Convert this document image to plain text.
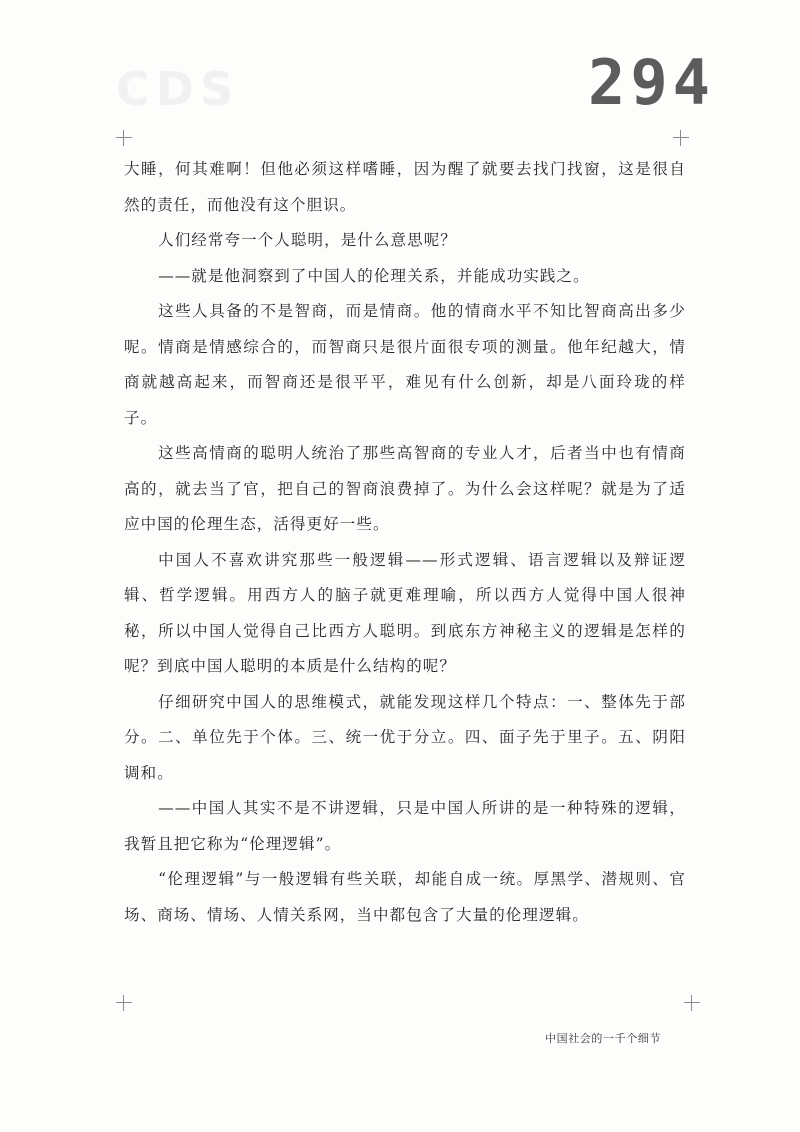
CDS	294

大睡，何其难啊！但他必须这样嗜睡，因为醒了就要去找门找窗，这是很自然的责任，而他没有这个胆识。

人们经常夸一个人聪明，是什么意思呢？

——就是他洞察到了中国人的伦理关系，并能成功实践之。

这些人具备的不是智商，而是情商。他的情商水平不知比智商高出多少呢。情商是情感综合的，而智商只是很片面很专项的测量。他年纪越大，情商就越高起来，而智商还是很平平，难见有什么创新，却是八面玲珑的样子。

这些高情商的聪明人统治了那些高智商的专业人才，后者当中也有情商高的，就去当了官，把自己的智商浪费掉了。为什么会这样呢？就是为了适应中国的伦理生态，活得更好一些。

中国人不喜欢讲究那些一般逻辑——形式逻辑、语言逻辑以及辩证逻辑、哲学逻辑。用西方人的脑子就更难理喻，所以西方人觉得中国人很神秘，所以中国人觉得自己比西方人聪明。到底东方神秘主义的逻辑是怎样的呢？到底中国人聪明的本质是什么结构的呢？

仔细研究中国人的思维模式，就能发现这样几个特点：一、整体先于部分。二、单位先于个体。三、统一优于分立。四、面子先于里子。五、阴阳调和。

——中国人其实不是不讲逻辑，只是中国人所讲的是一种特殊的逻辑，我暂且把它称为“伦理逻辑”。

“伦理逻辑”与一般逻辑有些关联，却能自成一统。厚黑学、潜规则、官场、商场、情场、人情关系网，当中都包含了大量的伦理逻辑。

中国社会的一千个细节
